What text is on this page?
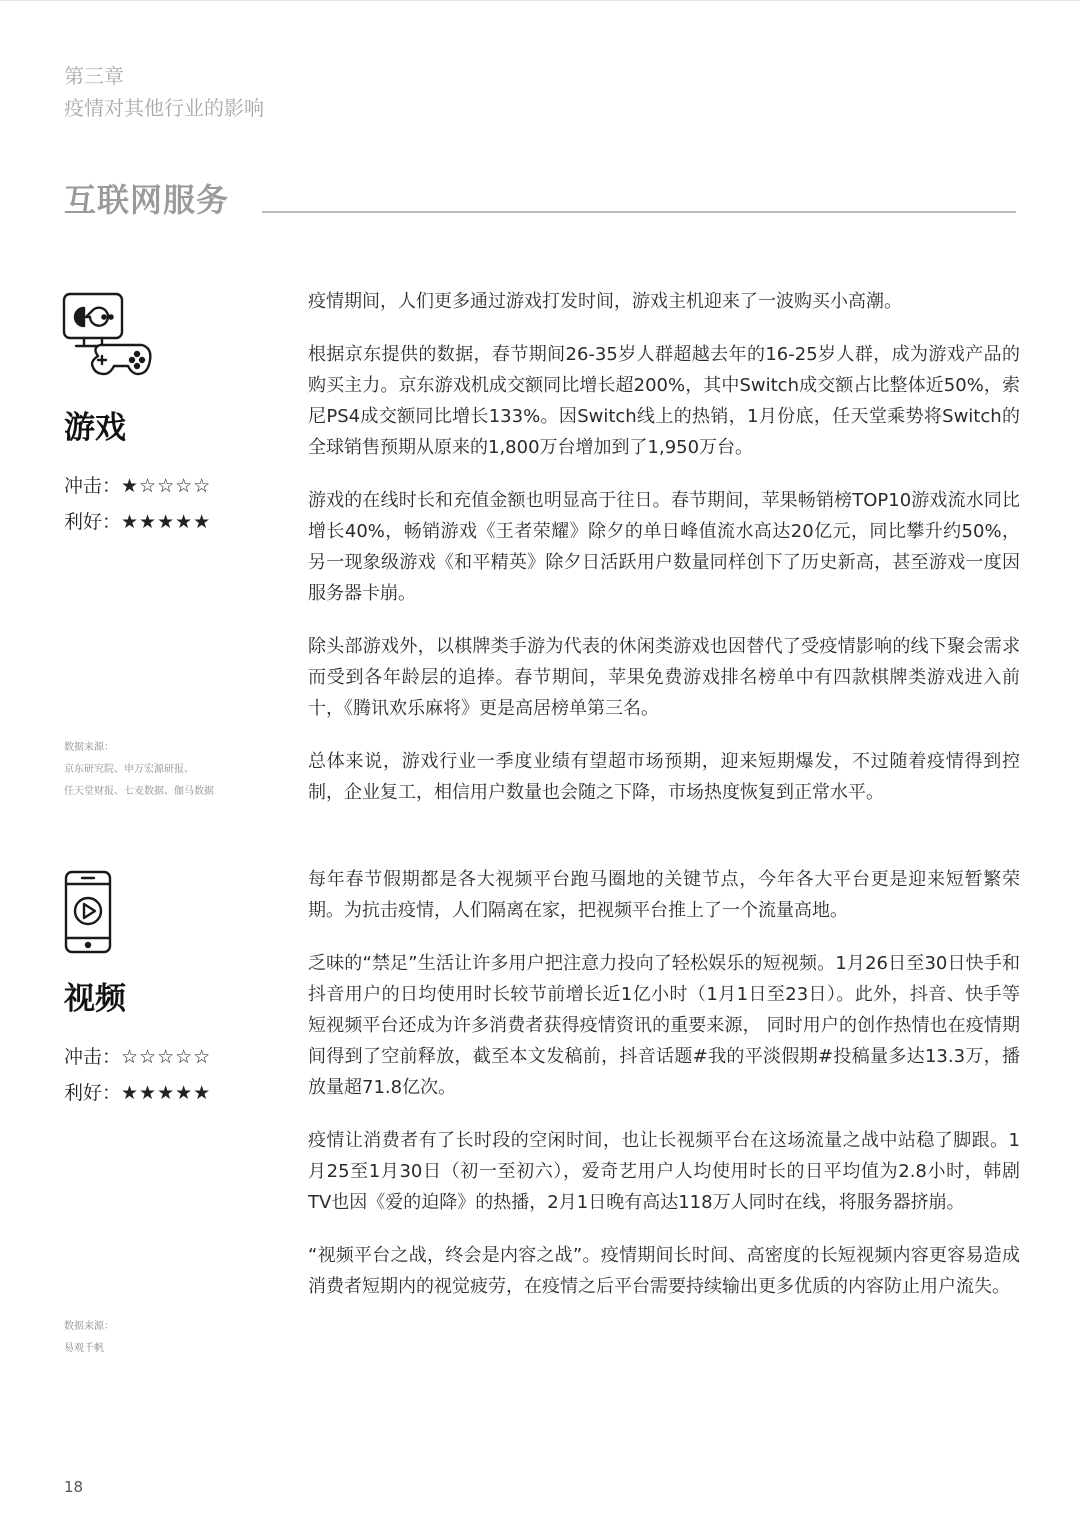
第三章
疫情对其他行业的影响
互联网服务
游戏
冲击：★☆☆☆☆
利好：★★★★★
数据来源：
京东研究院、申万宏源研报、
任天堂财报、七麦数据、伽马数据

疫情期间，人们更多通过游戏打发时间，游戏主机迎来了一波购买小高潮。

根据京东提供的数据，春节期间26-35岁人群超越去年的16-25岁人群，成为游戏产品的购买主力。京东游戏机成交额同比增长超200%，其中Switch成交额占比整体近50%，索尼PS4成交额同比增长133%。因Switch线上的热销，1月份底，任天堂乘势将Switch的全球销售预期从原来的1,800万台增加到了1,950万台。

游戏的在线时长和充值金额也明显高于往日。春节期间，苹果畅销榜TOP10游戏流水同比增长40%，畅销游戏《王者荣耀》除夕的单日峰值流水高达20亿元，同比攀升约50%，另一现象级游戏《和平精英》除夕日活跃用户数量同样创下了历史新高，甚至游戏一度因服务器卡崩。

除头部游戏外，以棋牌类手游为代表的休闲类游戏也因替代了受疫情影响的线下聚会需求而受到各年龄层的追捧。春节期间，苹果免费游戏排名榜单中有四款棋牌类游戏进入前十，《腾讯欢乐麻将》更是高居榜单第三名。

总体来说，游戏行业一季度业绩有望超市场预期，迎来短期爆发，不过随着疫情得到控制，企业复工，相信用户数量也会随之下降，市场热度恢复到正常水平。

视频
冲击：☆☆☆☆☆
利好：★★★★★
数据来源：
易观千帆

每年春节假期都是各大视频平台跑马圈地的关键节点，今年各大平台更是迎来短暂繁荣期。为抗击疫情，人们隔离在家，把视频平台推上了一个流量高地。

乏味的“禁足”生活让许多用户把注意力投向了轻松娱乐的短视频。1月26日至30日快手和抖音用户的日均使用时长较节前增长近1亿小时（1月1日至23日）。此外，抖音、快手等短视频平台还成为许多消费者获得疫情资讯的重要来源， 同时用户的创作热情也在疫情期间得到了空前释放，截至本文发稿前，抖音话题#我的平淡假期#投稿量多达13.3万，播放量超71.8亿次。

疫情让消费者有了长时段的空闲时间，也让长视频平台在这场流量之战中站稳了脚跟。1月25至1月30日（初一至初六），爱奇艺用户人均使用时长的日平均值为2.8小时，韩剧TV也因《爱的迫降》的热播，2月1日晚有高达118万人同时在线，将服务器挤崩。

“视频平台之战，终会是内容之战”。疫情期间长时间、高密度的长短视频内容更容易造成消费者短期内的视觉疲劳，在疫情之后平台需要持续输出更多优质的内容防止用户流失。

18
